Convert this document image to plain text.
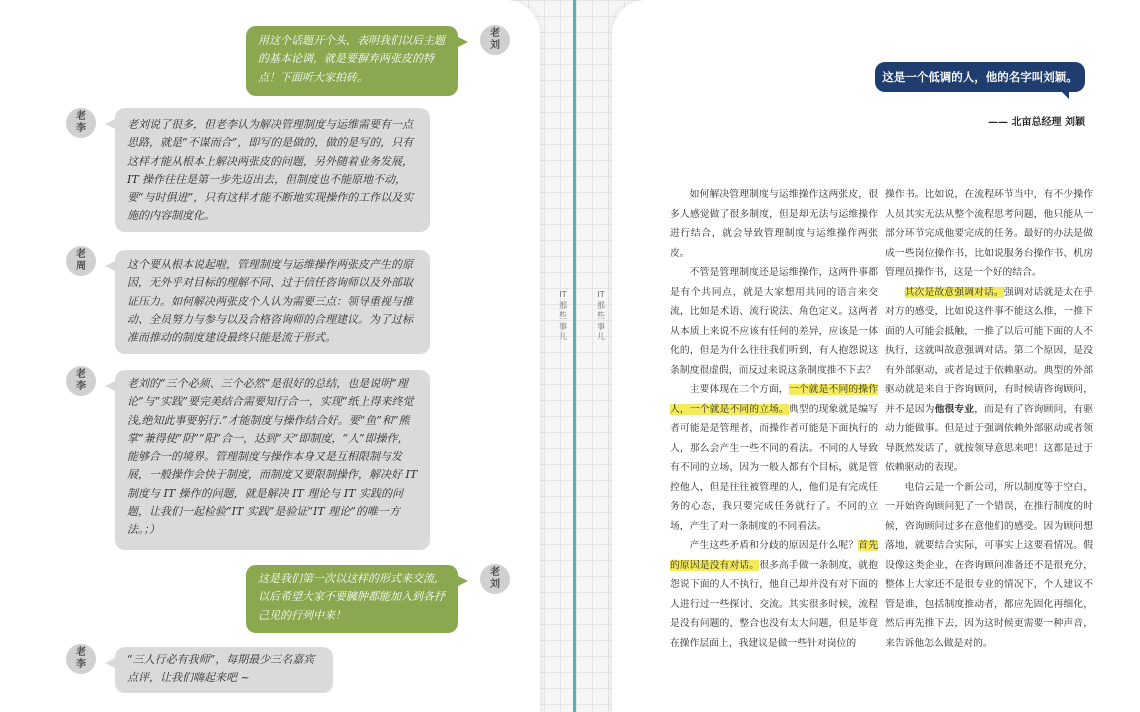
老刘
用这个话题开个头，表明我们以后主题的基本论调，就是要摒弃两张皮的特点！下面听大家拍砖。
老李	老刘说了很多，但老李认为解决管理制度与运维需要有一点思路，就是“不谋而合”，即写的是做的，做的是写的，只有这样才能从根本上解决两张皮的问题，另外随着业务发展，IT 操作往往是第一步先迈出去，但制度也不能原地不动，要“与时俱进”，只有这样才能不断地实现操作的工作以及实施的内容制度化。
老周	这个要从根本说起啦，管理制度与运维操作两张皮产生的原因，无外乎对目标的理解不同、过于信任咨询师以及外部取证压力。如何解决两张皮个人认为需要三点：领导重视与推动、全员努力与参与以及合格咨询师的合理建议。为了过标准而推动的制度建设最终只能是流于形式。
老李	老刘的“三个必须、三个必然”是很好的总结，也是说明“理论”与“实践”要完美结合需要知行合一，实现“纸上得来终觉浅,绝知此事要躬行.”才能制度与操作结合好。要“鱼”和”熊掌”兼得使“阴”“阳”合一，达到“天”即制度，“人”即操作，能够合一的境界。管理制度与操作本身又是互相限制与发展，一般操作会快于制度，而制度又要限制操作，解决好 IT 制度与 IT 操作的问题，就是解决 IT 理论与 IT 实践的问题，让我们一起检验“IT 实践”是验证“IT 理论”的唯一方法。；）
老刘
这是我们第一次以这样的形式来交流，以后希望大家不要臃肿都能加入到各抒己见的行列中来！
老李	“三人行必有我师”，每期最少三名嘉宾点评，让我们嗨起来吧 ~
IT 那 些 事 儿
IT 那 些 事 儿
这是一个低调的人，他的名字叫刘颖。
—— 北亩总经理 刘颖

如何解决管理制度与运维操作这两张皮，很多人感觉做了很多制度，但是却无法与运维操作进行结合，就会导致管理制度与运维操作两张皮。

不管是管理制度还是运维操作，这两件事都是有个共同点，就是大家想用共同的语言来交流，比如是术语、流行说法、角色定义。这两者从本质上来说不应该有任何的差异，应该是一体化的，但是为什么往往我们听到，有人抱怨说这条制度很虚假，而反过来说这条制度推不下去？

主要体现在二个方面，一个就是不同的操作人，一个就是不同的立场。典型的现象就是编写者可能是是管理者，而操作者可能是下面执行的人，那么会产生一些不同的看法。不同的人导致有不同的立场，因为一般人都有个目标，就是管控他人，但是往往被管理的人，他们是有完成任务的心态，我只要完成任务就行了。不同的立场，产生了对一条制度的不同看法。

产生这些矛盾和分歧的原因是什么呢？首先的原因是没有对话。很多高手做一条制度，就抱怨说下面的人不执行，他自己却并没有对下面的人进行过一些探讨、交流。其实很多时候，流程是没有问题的，整合也没有太大问题，但是毕竟在操作层面上，我建议是做一些针对岗位的

操作书。比如说，在流程环节当中，有不少操作人员其实无法从整个流程思考问题，他只能从一部分环节完成他要完成的任务。最好的办法是做成一些岗位操作书，比如说服务台操作书、机房管理员操作书，这是一个好的结合。

其次是故意强调对话。强调对话就是太在乎对方的感受，比如说这件事不能这么推，一推下面的人可能会抵触，一推了以后可能下面的人不执行，这就叫故意强调对话。第二个原因，是没有外部驱动，或者是过于依赖驱动。典型的外部驱动就是来自于咨询顾问，有时候请咨询顾问，并不是因为他很专业，而是有了咨询顾问，有驱动力能做事。但是过于强调依赖外部驱动或者领导既然发话了，就按领导意思来吧！这都是过于依赖驱动的表现。

电信云是一个新公司，所以制度等于空白，一开始咨询顾问犯了一个错误，在推行制度的时候，咨询顾问过多在意他们的感受。因为顾问想落地，就要结合实际，可事实上这要看情况。假设像这类企业，在咨询顾问准备还不是很充分，整体上大家还不是很专业的情况下，个人建议不管是谁，包括制度推动者，都应先固化再细化，然后再先推下去，因为这时候更需要一种声音，来告诉他怎么做是对的。
